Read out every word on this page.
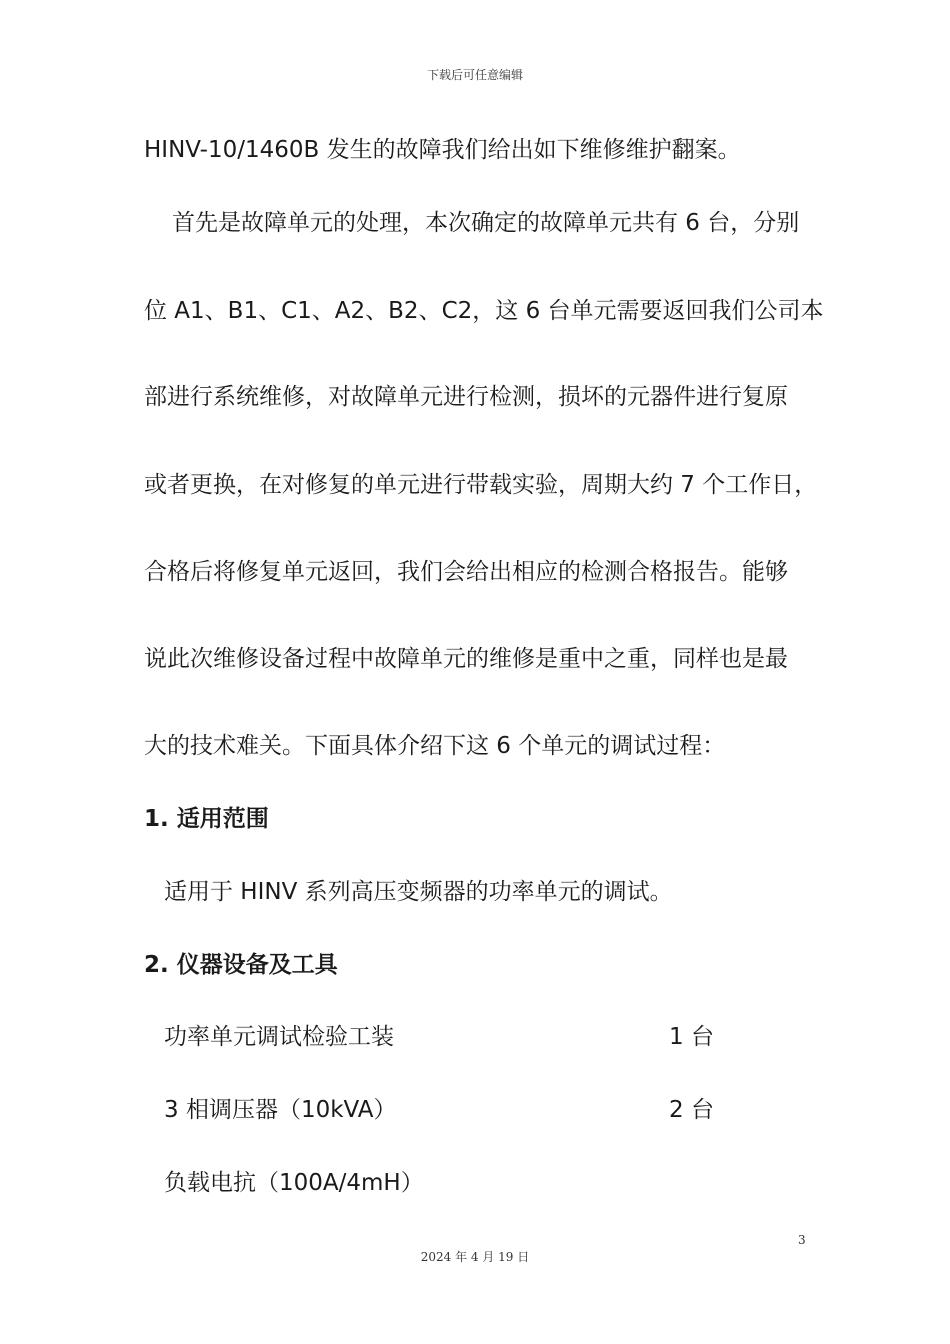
下载后可任意编辑
HINV-10/1460B 发生的故障我们给出如下维修维护翻案。
首先是故障单元的处理，本次确定的故障单元共有 6 台，分别
位 A1、B1、C1、A2、B2、C2，这 6 台单元需要返回我们公司本
部进行系统维修，对故障单元进行检测，损坏的元器件进行复原
或者更换，在对修复的单元进行带载实验，周期大约 7 个工作日，
合格后将修复单元返回，我们会给出相应的检测合格报告。能够
说此次维修设备过程中故障单元的维修是重中之重，同样也是最
大的技术难关。下面具体介绍下这 6 个单元的调试过程：
1. 适用范围
适用于 HINV 系列高压变频器的功率单元的调试。
2. 仪器设备及工具
功率单元调试检验工装	1 台
3 相调压器（10kVA）	2 台
负载电抗（100A/4mH）
3
2024 年 4 月 19 日
